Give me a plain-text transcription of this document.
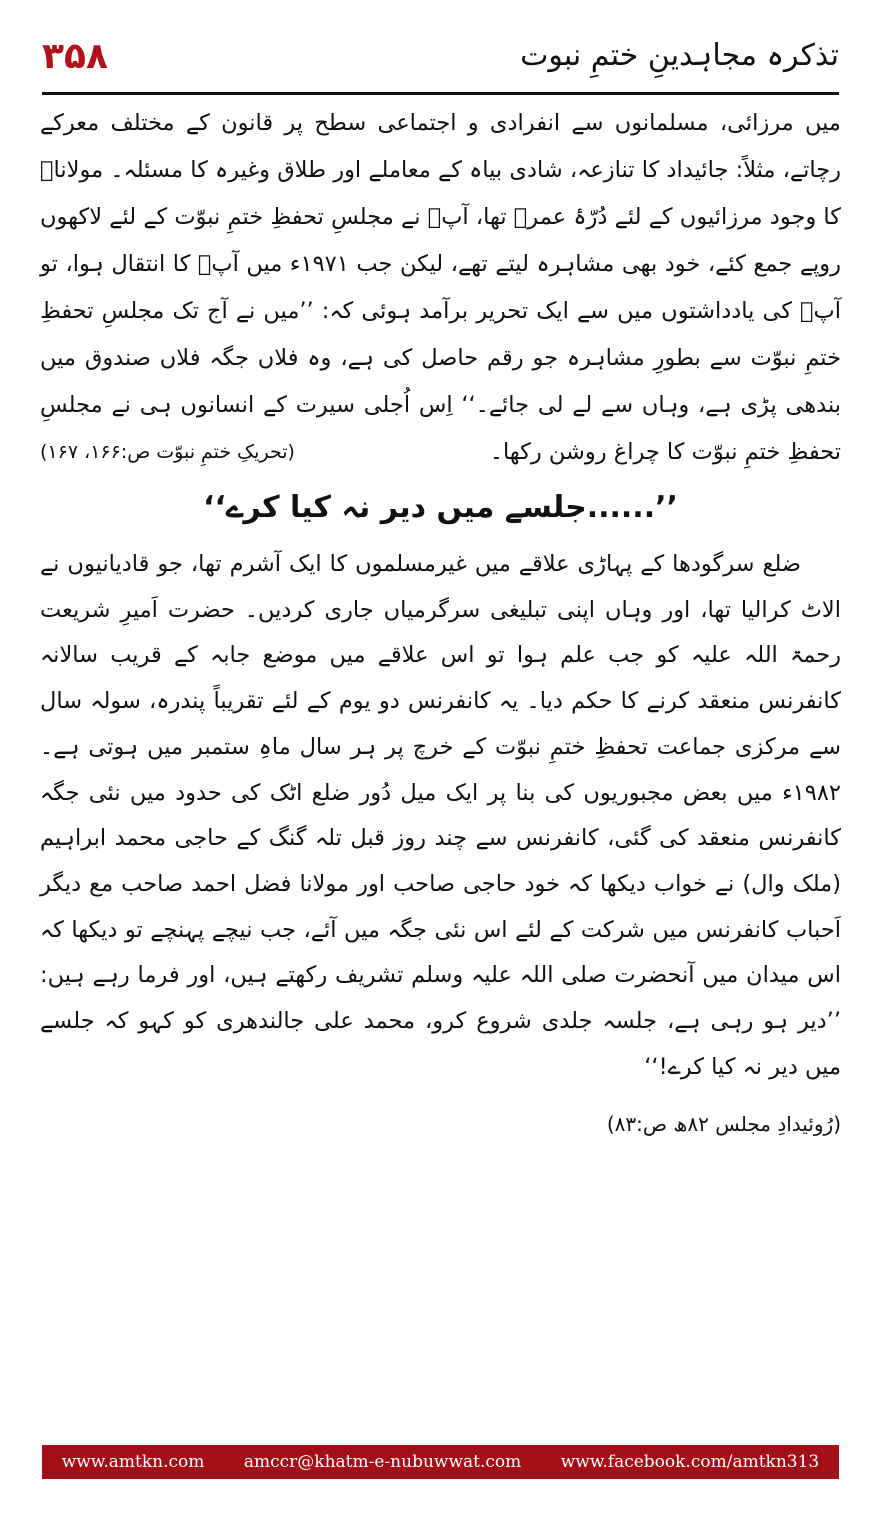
۳۵۸	تذکرہ مجاہدینِ ختمِ نبوت

میں مرزائی، مسلمانوں سے انفرادی و اجتماعی سطح پر قانون کے مختلف معرکے رچاتے، مثلاً: جائیداد کا تنازعہ، شادی بیاہ کے معاملے اور طلاق وغیرہ کا مسئلہ۔ مولاناؒ کا وجود مرزائیوں کے لئے دُرّۂ عمرؓ تھا، آپؒ نے مجلسِ تحفظِ ختمِ نبوّت کے لئے لاکھوں روپے جمع کئے، خود بھی مشاہرہ لیتے تھے، لیکن جب ۱۹۷۱ء میں آپؒ کا انتقال ہوا، تو آپؒ کی یادداشتوں میں سے ایک تحریر برآمد ہوئی کہ: ’’میں نے آج تک مجلسِ تحفظِ ختمِ نبوّت سے بطورِ مشاہرہ جو رقم حاصل کی ہے، وہ فلاں جگہ فلاں صندوق میں بندھی پڑی ہے، وہاں سے لے لی جائے۔‘‘ اِس اُجلی سیرت کے انسانوں ہی نے مجلسِ تحفظِ ختمِ نبوّت کا چراغ روشن رکھا۔
(تحریکِ ختمِ نبوّت ص:۱۶۶، ۱۶۷)

’’......جلسے میں دیر نہ کیا کرے‘‘

ضلع سرگودھا کے پہاڑی علاقے میں غیرمسلموں کا ایک آشرم تھا، جو قادیانیوں نے الاٹ کرالیا تھا، اور وہاں اپنی تبلیغی سرگرمیاں جاری کردیں۔ حضرت اَمیرِ شریعت رحمۃ اللہ علیہ کو جب علم ہوا تو اس علاقے میں موضع جابہ کے قریب سالانہ کانفرنس منعقد کرنے کا حکم دیا۔ یہ کانفرنس دو یوم کے لئے تقریباً پندرہ، سولہ سال سے مرکزی جماعت تحفظِ ختمِ نبوّت کے خرچ پر ہر سال ماہِ ستمبر میں ہوتی ہے۔ ۱۹۸۲ء میں بعض مجبوریوں کی بنا پر ایک میل دُور ضلع اٹک کی حدود میں نئی جگہ کانفرنس منعقد کی گئی، کانفرنس سے چند روز قبل تلہ گنگ کے حاجی محمد ابراہیم (ملک وال) نے خواب دیکھا کہ خود حاجی صاحب اور مولانا فضل احمد صاحب مع دیگر اَحباب کانفرنس میں شرکت کے لئے اس نئی جگہ میں آئے، جب نیچے پہنچے تو دیکھا کہ اس میدان میں آنحضرت صلی اللہ علیہ وسلم تشریف رکھتے ہیں، اور فرما رہے ہیں: ’’دیر ہو رہی ہے، جلسہ جلدی شروع کرو، محمد علی جالندھری کو کہو کہ جلسے میں دیر نہ کیا کرے!‘‘

(رُوئیدادِ مجلس ۸۲ھ ص:۸۳)
www.amtkn.com amccr@khatm-e-nubuwwat.com www.facebook.com/amtkn313
